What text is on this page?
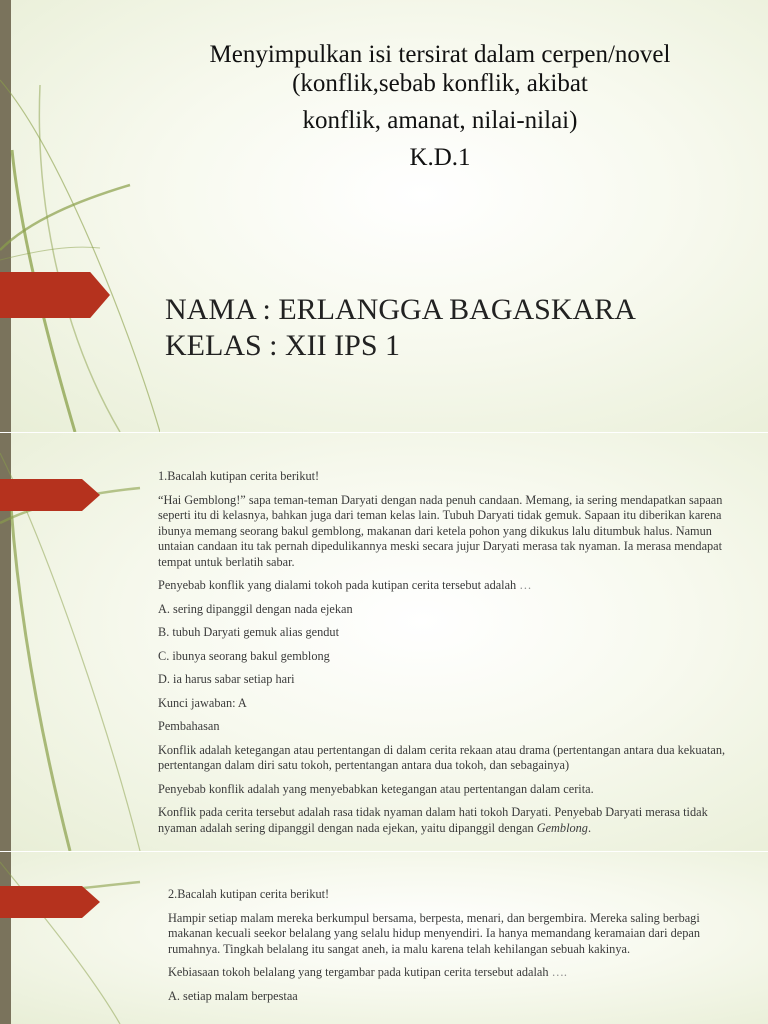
Menyimpulkan isi tersirat dalam cerpen/novel
(konflik,sebab konflik, akibat
konflik, amanat, nilai-nilai)
K.D.1
NAMA : ERLANGGA BAGASKARA
KELAS : XII IPS 1

1.Bacalah kutipan cerita berikut!

“Hai Gemblong!” sapa teman-teman Daryati dengan nada penuh candaan. Memang, ia sering mendapatkan sapaan seperti itu di kelasnya, bahkan juga dari teman kelas lain. Tubuh Daryati tidak gemuk. Sapaan itu diberikan karena ibunya memang seorang bakul gemblong, makanan dari ketela pohon yang dikukus lalu ditumbuk halus. Namun untaian candaan itu tak pernah dipedulikannya meski secara jujur Daryati merasa tak nyaman. Ia merasa mendapat tempat untuk berlatih sabar.

Penyebab konflik yang dialami tokoh pada kutipan cerita tersebut adalah …

A. sering dipanggil dengan nada ejekan

B. tubuh Daryati gemuk alias gendut

C. ibunya seorang bakul gemblong

D. ia harus sabar setiap hari

Kunci jawaban: A

Pembahasan

Konflik adalah ketegangan atau pertentangan di dalam cerita rekaan atau drama (pertentangan antara dua kekuatan, pertentangan dalam diri satu tokoh, pertentangan antara dua tokoh, dan sebagainya)

Penyebab konflik adalah yang menyebabkan ketegangan atau pertentangan dalam cerita.

Konflik pada cerita tersebut adalah rasa tidak nyaman dalam hati tokoh Daryati. Penyebab Daryati merasa tidak nyaman adalah sering dipanggil dengan nada ejekan, yaitu dipanggil dengan Gemblong.

2.Bacalah kutipan cerita berikut!

Hampir setiap malam mereka berkumpul bersama, berpesta, menari, dan bergembira. Mereka saling berbagi makanan kecuali seekor belalang yang selalu hidup menyendiri. Ia hanya memandang keramaian dari depan rumahnya. Tingkah belalang itu sangat aneh, ia malu karena telah kehilangan sebuah kakinya.

Kebiasaan tokoh belalang yang tergambar pada kutipan cerita tersebut adalah ….

A. setiap malam berpestaa
